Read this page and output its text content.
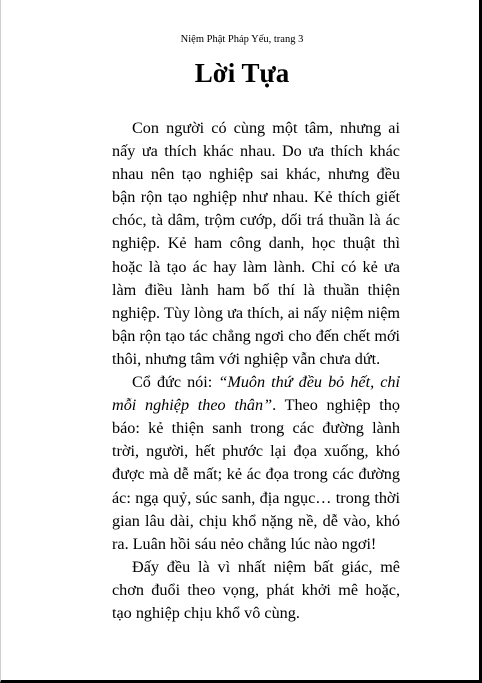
Niệm Phật Pháp Yếu, trang 3
Lời Tựa

Con người có cùng một tâm, nhưng ai nấy ưa thích khác nhau. Do ưa thích khác nhau nên tạo nghiệp sai khác, nhưng đều bận rộn tạo nghiệp như nhau. Kẻ thích giết chóc, tà dâm, trộm cướp, dối trá thuần là ác nghiệp. Kẻ ham công danh, học thuật thì hoặc là tạo ác hay làm lành. Chỉ có kẻ ưa làm điều lành ham bố thí là thuần thiện nghiệp. Tùy lòng ưa thích, ai nấy niệm niệm bận rộn tạo tác chẳng ngơi cho đến chết mới thôi, nhưng tâm với nghiệp vẫn chưa dứt.

Cổ đức nói: “Muôn thứ đều bỏ hết, chỉ mỗi nghiệp theo thân”. Theo nghiệp thọ báo: kẻ thiện sanh trong các đường lành trời, người, hết phước lại đọa xuống, khó được mà dễ mất; kẻ ác đọa trong các đường ác: ngạ quỷ, súc sanh, địa ngục… trong thời gian lâu dài, chịu khổ nặng nề, dễ vào, khó ra. Luân hồi sáu nẻo chẳng lúc nào ngơi!

Đấy đều là vì nhất niệm bất giác, mê chơn đuổi theo vọng, phát khởi mê hoặc, tạo nghiệp chịu khổ vô cùng.
